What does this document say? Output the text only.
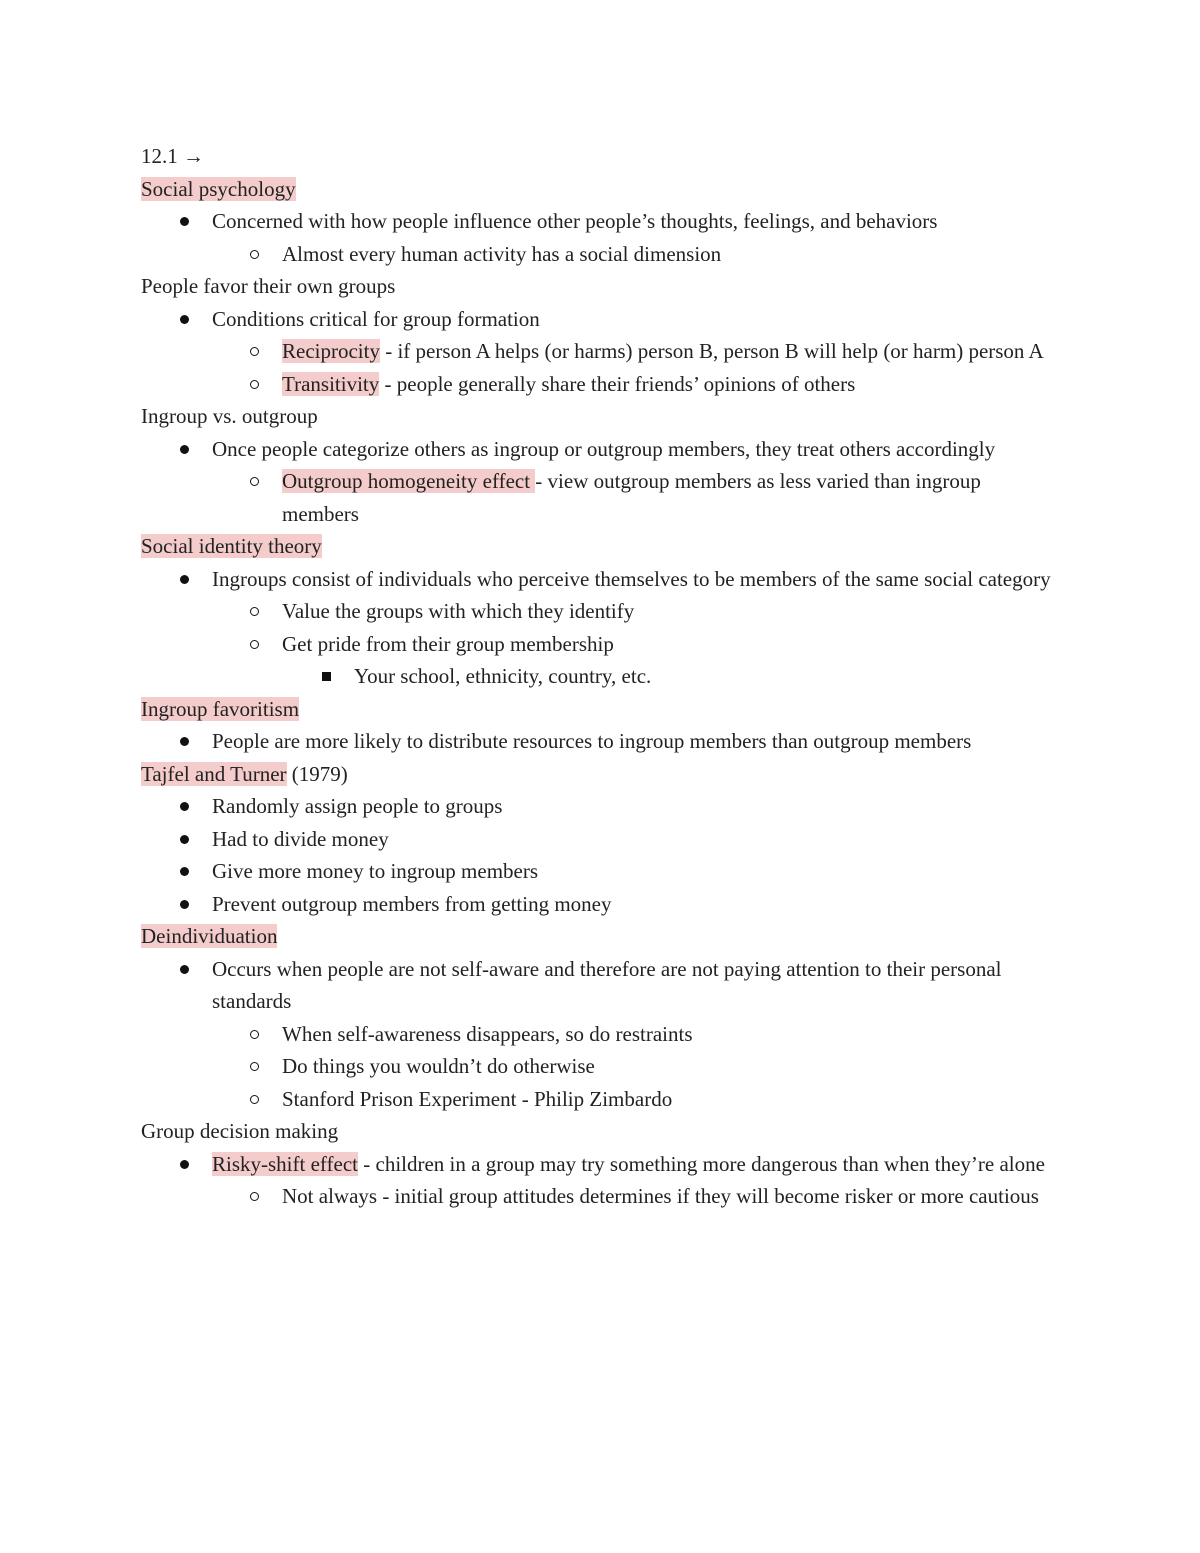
12.1 →

Social psychology

Concerned with how people influence other people’s thoughts, feelings, and behaviors
Almost every human activity has a social dimension

People favor their own groups

Conditions critical for group formation
Reciprocity - if person A helps (or harms) person B, person B will help (or harm) person A
Transitivity - people generally share their friends’ opinions of others

Ingroup vs. outgroup

Once people categorize others as ingroup or outgroup members, they treat others accordingly
Outgroup homogeneity effect - view outgroup members as less varied than ingroup members

Social identity theory

Ingroups consist of individuals who perceive themselves to be members of the same social category
Value the groups with which they identify
Get pride from their group membership
Your school, ethnicity, country, etc.

Ingroup favoritism

People are more likely to distribute resources to ingroup members than outgroup members

Tajfel and Turner (1979)

Randomly assign people to groups
Had to divide money
Give more money to ingroup members
Prevent outgroup members from getting money

Deindividuation

Occurs when people are not self-aware and therefore are not paying attention to their personal standards
When self-awareness disappears, so do restraints
Do things you wouldn’t do otherwise
Stanford Prison Experiment - Philip Zimbardo

Group decision making

Risky-shift effect - children in a group may try something more dangerous than when they’re alone
Not always - initial group attitudes determines if they will become risker or more cautious
